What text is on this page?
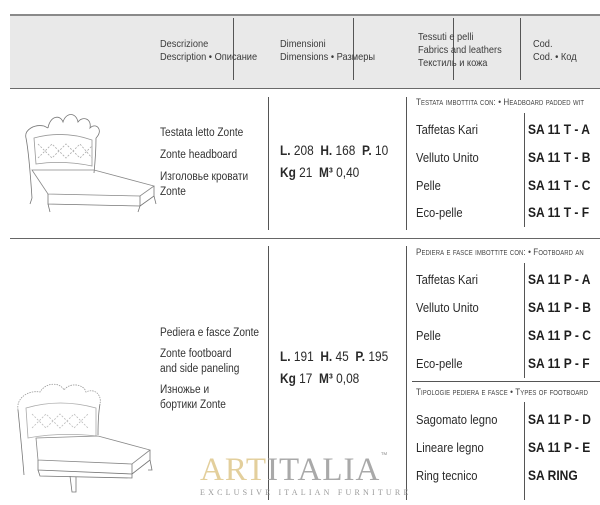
Descrizione
Description • Описание
Dimensioni
Dimensions • Размеры
Tessuti e pelli
Fabrics and leathers
Текстиль и кожа
Cod.
Cod. • Код
Testata letto Zonte
Zonte headboard
Изголовье кровати
Zonte
L. 208 H. 168 P. 10
Kg 21 M³ 0,40
Testata imbottita con: • Headboard padded wit
Taffetas Kari	SA 11 T - A
Velluto Unito	SA 11 T - B
Pelle	SA 11 T - C
Eco-pelle	SA 11 T - F
Pediera e fasce Zonte
Zonte footboard
and side paneling
Изножье и
бортики Zonte
L. 191 H. 45 P. 195
Kg 17 M³ 0,08
Pediera e fasce imbottite con: • Footboard an
Taffetas Kari	SA 11 P - A
Velluto Unito	SA 11 P - B
Pelle	SA 11 P - C
Eco-pelle	SA 11 P - F
Tipologie pediera e fasce • Types of footboard
Sagomato legno SA 11 P - D
Lineare legno	SA 11 P - E
Ring tecnico	SA RING
ARTITALIA™
EXCLUSIVE ITALIAN FURNITURE
